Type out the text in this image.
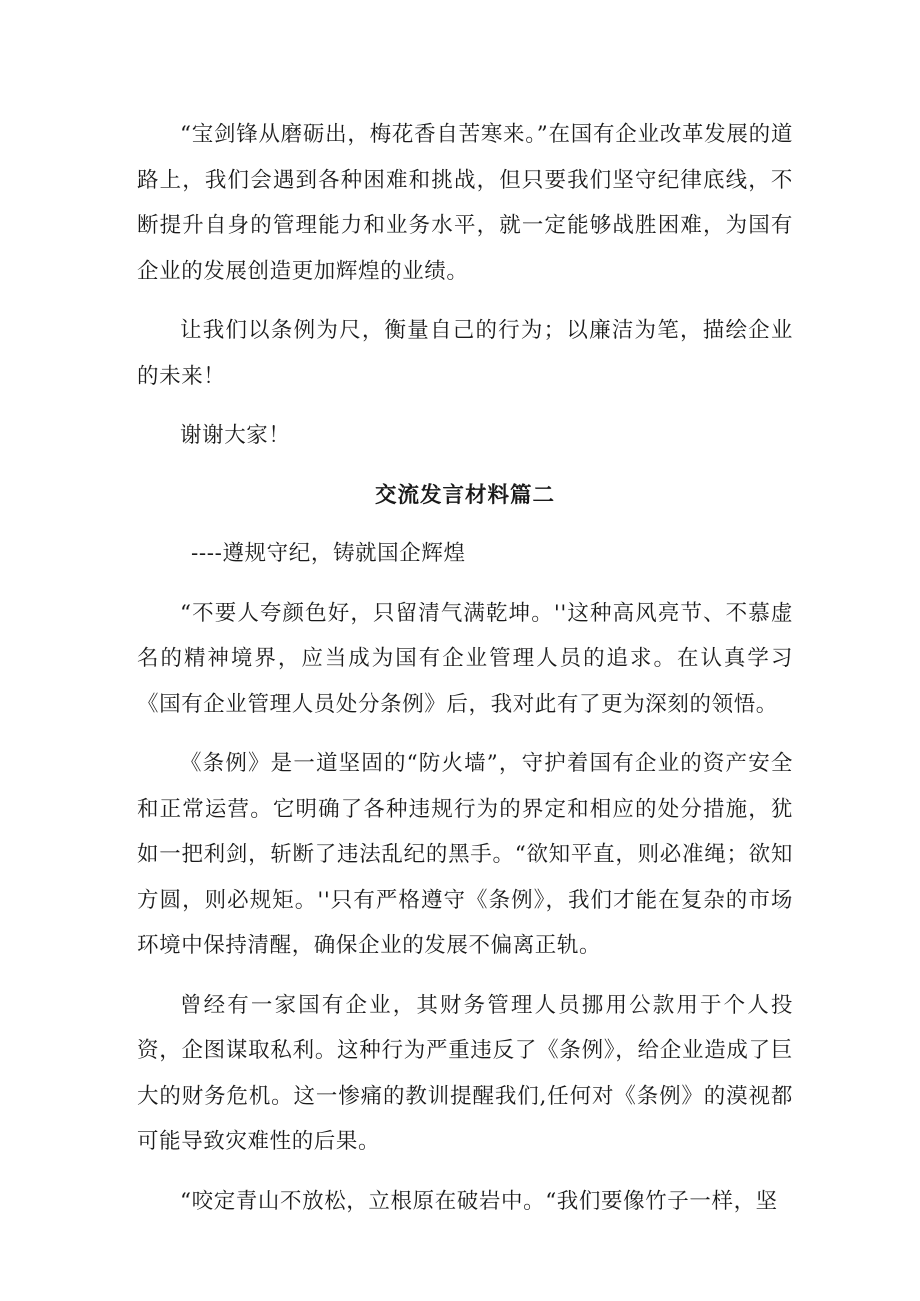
“宝剑锋从磨砺出，梅花香自苦寒来。”在国有企业改革发展的道路上，我们会遇到各种困难和挑战，但只要我们坚守纪律底线，不断提升自身的管理能力和业务水平，就一定能够战胜困难，为国有企业的发展创造更加辉煌的业绩。

让我们以条例为尺，衡量自己的行为；以廉洁为笔，描绘企业的未来！

谢谢大家！

交流发言材料篇二
----遵规守纪，铸就国企辉煌

“不要人夸颜色好，只留清气满乾坤。''这种高风亮节、不慕虚名的精神境界，应当成为国有企业管理人员的追求。在认真学习《国有企业管理人员处分条例》后，我对此有了更为深刻的领悟。

《条例》是一道坚固的“防火墙”，守护着国有企业的资产安全和正常运营。它明确了各种违规行为的界定和相应的处分措施，犹如一把利剑，斩断了违法乱纪的黑手。“欲知平直，则必准绳；欲知方圆，则必规矩。''只有严格遵守《条例》，我们才能在复杂的市场环境中保持清醒，确保企业的发展不偏离正轨。

曾经有一家国有企业，其财务管理人员挪用公款用于个人投资，企图谋取私利。这种行为严重违反了《条例》，给企业造成了巨大的财务危机。这一惨痛的教训提醒我们,任何对《条例》的漠视都可能导致灾难性的后果。

“咬定青山不放松，立根原在破岩中。“我们要像竹子一样，坚
